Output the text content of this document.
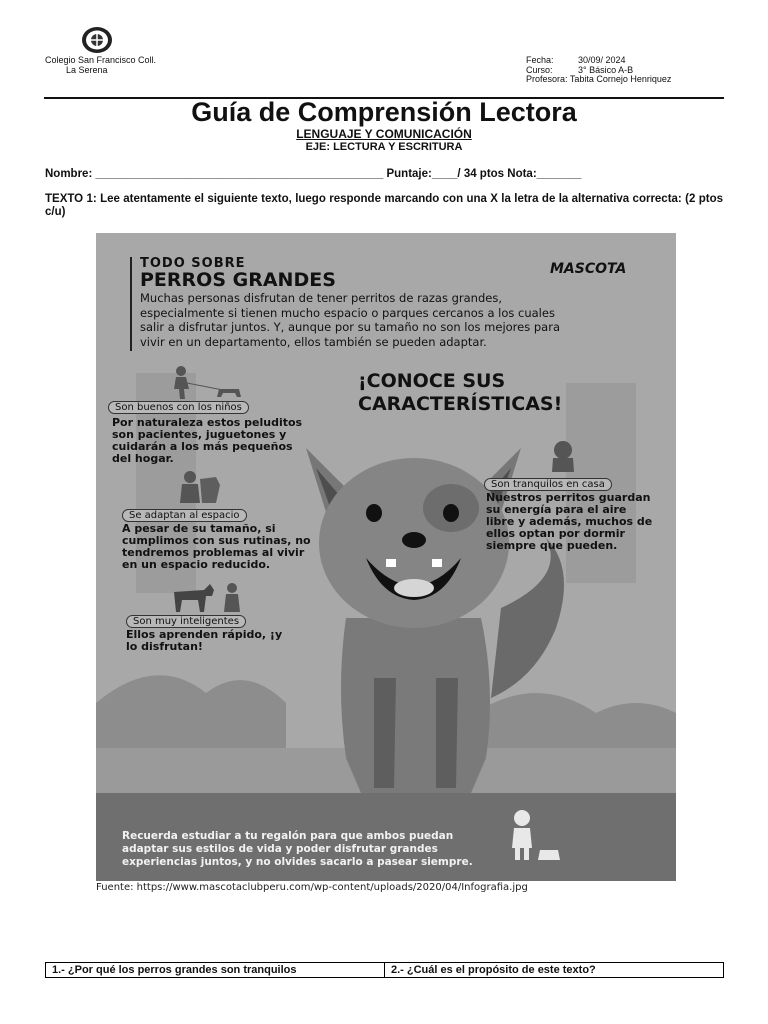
Colegio San Francisco Coll.
La Serena
Fecha:	30/09/ 2024
Curso:	3° Básico A-B
Profesora: Tabita Cornejo Henriquez
Guía de Comprensión Lectora
LENGUAJE Y COMUNICACIÓN
EJE: LECTURA Y ESCRITURA
Nombre: _____________________________________________ Puntaje:____/ 34 ptos Nota:_______
TEXTO 1: Lee atentamente el siguiente texto, luego responde marcando con una X la letra de la alternativa correcta: (2 ptos c/u)
TODO SOBRE
PERROS GRANDES
Muchas personas disfrutan de tener perritos de razas grandes, especialmente si tienen mucho espacio o parques cercanos a los cuales salir a disfrutar juntos. Y, aunque por su tamaño no son los mejores para vivir en un departamento, ellos también se pueden adaptar.
MASCOTA
¡CONOCE SUS CARACTERÍSTICAS!
Son buenos con los niños
Por naturaleza estos peluditos son pacientes, juguetones y cuidarán a los más pequeños del hogar.
Se adaptan al espacio
A pesar de su tamaño, si cumplimos con sus rutinas, no tendremos problemas al vivir en un espacio reducido.
Son muy inteligentes
Ellos aprenden rápido, ¡y lo disfrutan!
Son tranquilos en casa
Nuestros perritos guardan su energía para el aire libre y además, muchos de ellos optan por dormir siempre que pueden.
Recuerda estudiar a tu regalón para que ambos puedan adaptar sus estilos de vida y poder disfrutar grandes experiencias juntos, y no olvides sacarlo a pasear siempre.
Fuente: https://www.mascotaclubperu.com/wp-content/uploads/2020/04/Infografia.jpg
1.- ¿Por qué los perros grandes son tranquilos	2.- ¿Cuál es el propósito de este texto?
